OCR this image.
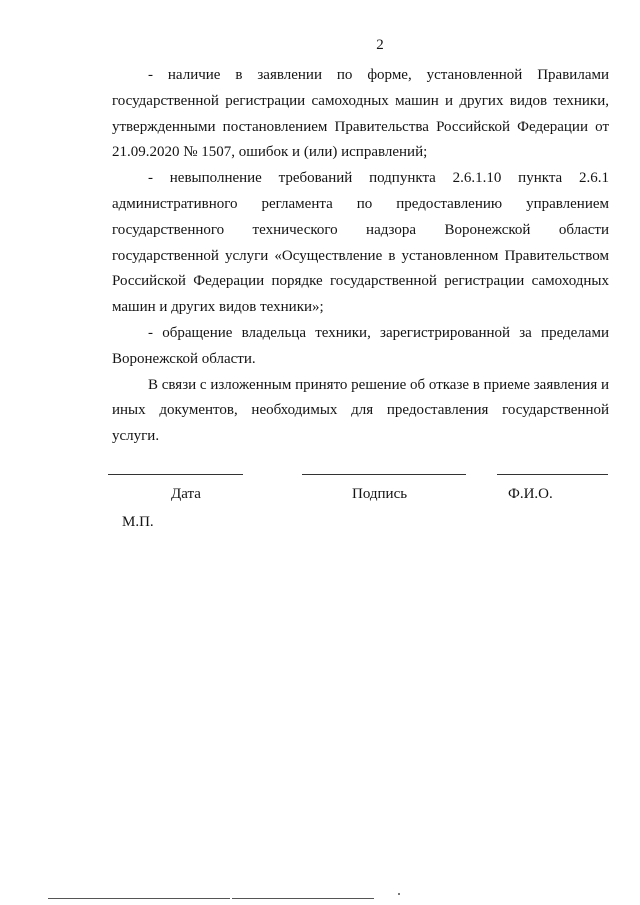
2

- наличие в заявлении по форме, установленной Правилами государственной регистрации самоходных машин и других видов техники, утвержденными постановлением Правительства Российской Федерации от 21.09.2020 № 1507, ошибок и (или) исправлений;

- невыполнение требований подпункта 2.6.1.10 пункта 2.6.1 административного регламента по предоставлению управлением государственного технического надзора Воронежской области государственной услуги «Осуществление в установленном Правительством Российской Федерации порядке государственной регистрации самоходных машин и других видов техники»;

- обращение владельца техники, зарегистрированной за пределами Воронежской области.

В связи с изложенным принято решение об отказе в приеме заявления и иных документов, необходимых для предоставления государственной услуги.

Дата	Подпись	Ф.И.О.
М.П.
